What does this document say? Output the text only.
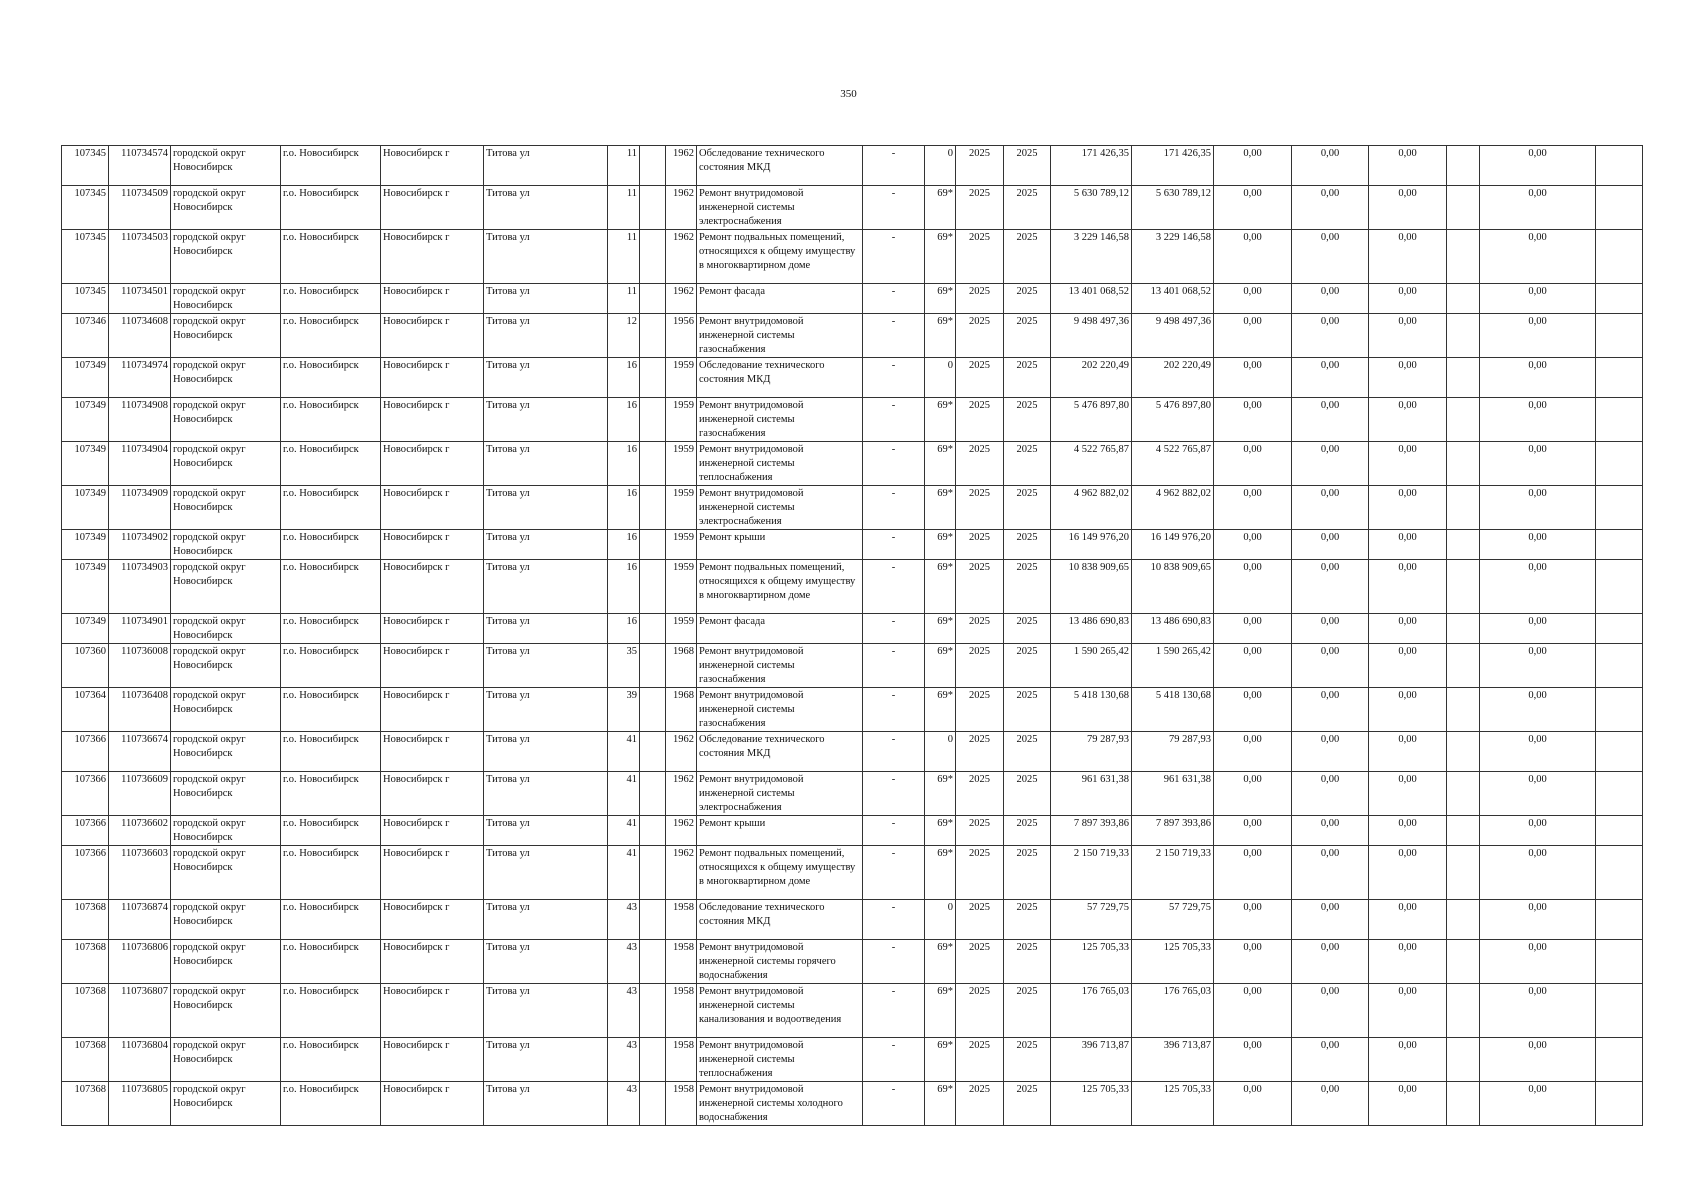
350
107345	110734574	городской округ Новосибирск	г.о. Новосибирск	Новосибирск г	Титова ул	11		1962	Обследование технического состояния МКД	-	0	2025	2025	171 426,35	171 426,35	0,00	0,00	0,00		0,00	
107345	110734509	городской округ Новосибирск	г.о. Новосибирск	Новосибирск г	Титова ул	11		1962	Ремонт внутридомовой инженерной системы электроснабжения	-	69*	2025	2025	5 630 789,12	5 630 789,12	0,00	0,00	0,00		0,00	
107345	110734503	городской округ Новосибирск	г.о. Новосибирск	Новосибирск г	Титова ул	11		1962	Ремонт подвальных помещений, относящихся к общему имуществу в многоквартирном доме	-	69*	2025	2025	3 229 146,58	3 229 146,58	0,00	0,00	0,00		0,00	
107345	110734501	городской округ Новосибирск	г.о. Новосибирск	Новосибирск г	Титова ул	11		1962	Ремонт фасада	-	69*	2025	2025	13 401 068,52	13 401 068,52	0,00	0,00	0,00		0,00	
107346	110734608	городской округ Новосибирск	г.о. Новосибирск	Новосибирск г	Титова ул	12		1956	Ремонт внутридомовой инженерной системы газоснабжения	-	69*	2025	2025	9 498 497,36	9 498 497,36	0,00	0,00	0,00		0,00	
107349	110734974	городской округ Новосибирск	г.о. Новосибирск	Новосибирск г	Титова ул	16		1959	Обследование технического состояния МКД	-	0	2025	2025	202 220,49	202 220,49	0,00	0,00	0,00		0,00	
107349	110734908	городской округ Новосибирск	г.о. Новосибирск	Новосибирск г	Титова ул	16		1959	Ремонт внутридомовой инженерной системы газоснабжения	-	69*	2025	2025	5 476 897,80	5 476 897,80	0,00	0,00	0,00		0,00	
107349	110734904	городской округ Новосибирск	г.о. Новосибирск	Новосибирск г	Титова ул	16		1959	Ремонт внутридомовой инженерной системы теплоснабжения	-	69*	2025	2025	4 522 765,87	4 522 765,87	0,00	0,00	0,00		0,00	
107349	110734909	городской округ Новосибирск	г.о. Новосибирск	Новосибирск г	Титова ул	16		1959	Ремонт внутридомовой инженерной системы электроснабжения	-	69*	2025	2025	4 962 882,02	4 962 882,02	0,00	0,00	0,00		0,00	
107349	110734902	городской округ Новосибирск	г.о. Новосибирск	Новосибирск г	Титова ул	16		1959	Ремонт крыши	-	69*	2025	2025	16 149 976,20	16 149 976,20	0,00	0,00	0,00		0,00	
107349	110734903	городской округ Новосибирск	г.о. Новосибирск	Новосибирск г	Титова ул	16		1959	Ремонт подвальных помещений, относящихся к общему имуществу в многоквартирном доме	-	69*	2025	2025	10 838 909,65	10 838 909,65	0,00	0,00	0,00		0,00	
107349	110734901	городской округ Новосибирск	г.о. Новосибирск	Новосибирск г	Титова ул	16		1959	Ремонт фасада	-	69*	2025	2025	13 486 690,83	13 486 690,83	0,00	0,00	0,00		0,00	
107360	110736008	городской округ Новосибирск	г.о. Новосибирск	Новосибирск г	Титова ул	35		1968	Ремонт внутридомовой инженерной системы газоснабжения	-	69*	2025	2025	1 590 265,42	1 590 265,42	0,00	0,00	0,00		0,00	
107364	110736408	городской округ Новосибирск	г.о. Новосибирск	Новосибирск г	Титова ул	39		1968	Ремонт внутридомовой инженерной системы газоснабжения	-	69*	2025	2025	5 418 130,68	5 418 130,68	0,00	0,00	0,00		0,00	
107366	110736674	городской округ Новосибирск	г.о. Новосибирск	Новосибирск г	Титова ул	41		1962	Обследование технического состояния МКД	-	0	2025	2025	79 287,93	79 287,93	0,00	0,00	0,00		0,00	
107366	110736609	городской округ Новосибирск	г.о. Новосибирск	Новосибирск г	Титова ул	41		1962	Ремонт внутридомовой инженерной системы электроснабжения	-	69*	2025	2025	961 631,38	961 631,38	0,00	0,00	0,00		0,00	
107366	110736602	городской округ Новосибирск	г.о. Новосибирск	Новосибирск г	Титова ул	41		1962	Ремонт крыши	-	69*	2025	2025	7 897 393,86	7 897 393,86	0,00	0,00	0,00		0,00	
107366	110736603	городской округ Новосибирск	г.о. Новосибирск	Новосибирск г	Титова ул	41		1962	Ремонт подвальных помещений, относящихся к общему имуществу в многоквартирном доме	-	69*	2025	2025	2 150 719,33	2 150 719,33	0,00	0,00	0,00		0,00	
107368	110736874	городской округ Новосибирск	г.о. Новосибирск	Новосибирск г	Титова ул	43		1958	Обследование технического состояния МКД	-	0	2025	2025	57 729,75	57 729,75	0,00	0,00	0,00		0,00	
107368	110736806	городской округ Новосибирск	г.о. Новосибирск	Новосибирск г	Титова ул	43		1958	Ремонт внутридомовой инженерной системы горячего водоснабжения	-	69*	2025	2025	125 705,33	125 705,33	0,00	0,00	0,00		0,00	
107368	110736807	городской округ Новосибирск	г.о. Новосибирск	Новосибирск г	Титова ул	43		1958	Ремонт внутридомовой инженерной системы канализования и водоотведения	-	69*	2025	2025	176 765,03	176 765,03	0,00	0,00	0,00		0,00	
107368	110736804	городской округ Новосибирск	г.о. Новосибирск	Новосибирск г	Титова ул	43		1958	Ремонт внутридомовой инженерной системы теплоснабжения	-	69*	2025	2025	396 713,87	396 713,87	0,00	0,00	0,00		0,00	
107368	110736805	городской округ Новосибирск	г.о. Новосибирск	Новосибирск г	Титова ул	43		1958	Ремонт внутридомовой инженерной системы холодного водоснабжения	-	69*	2025	2025	125 705,33	125 705,33	0,00	0,00	0,00		0,00	
